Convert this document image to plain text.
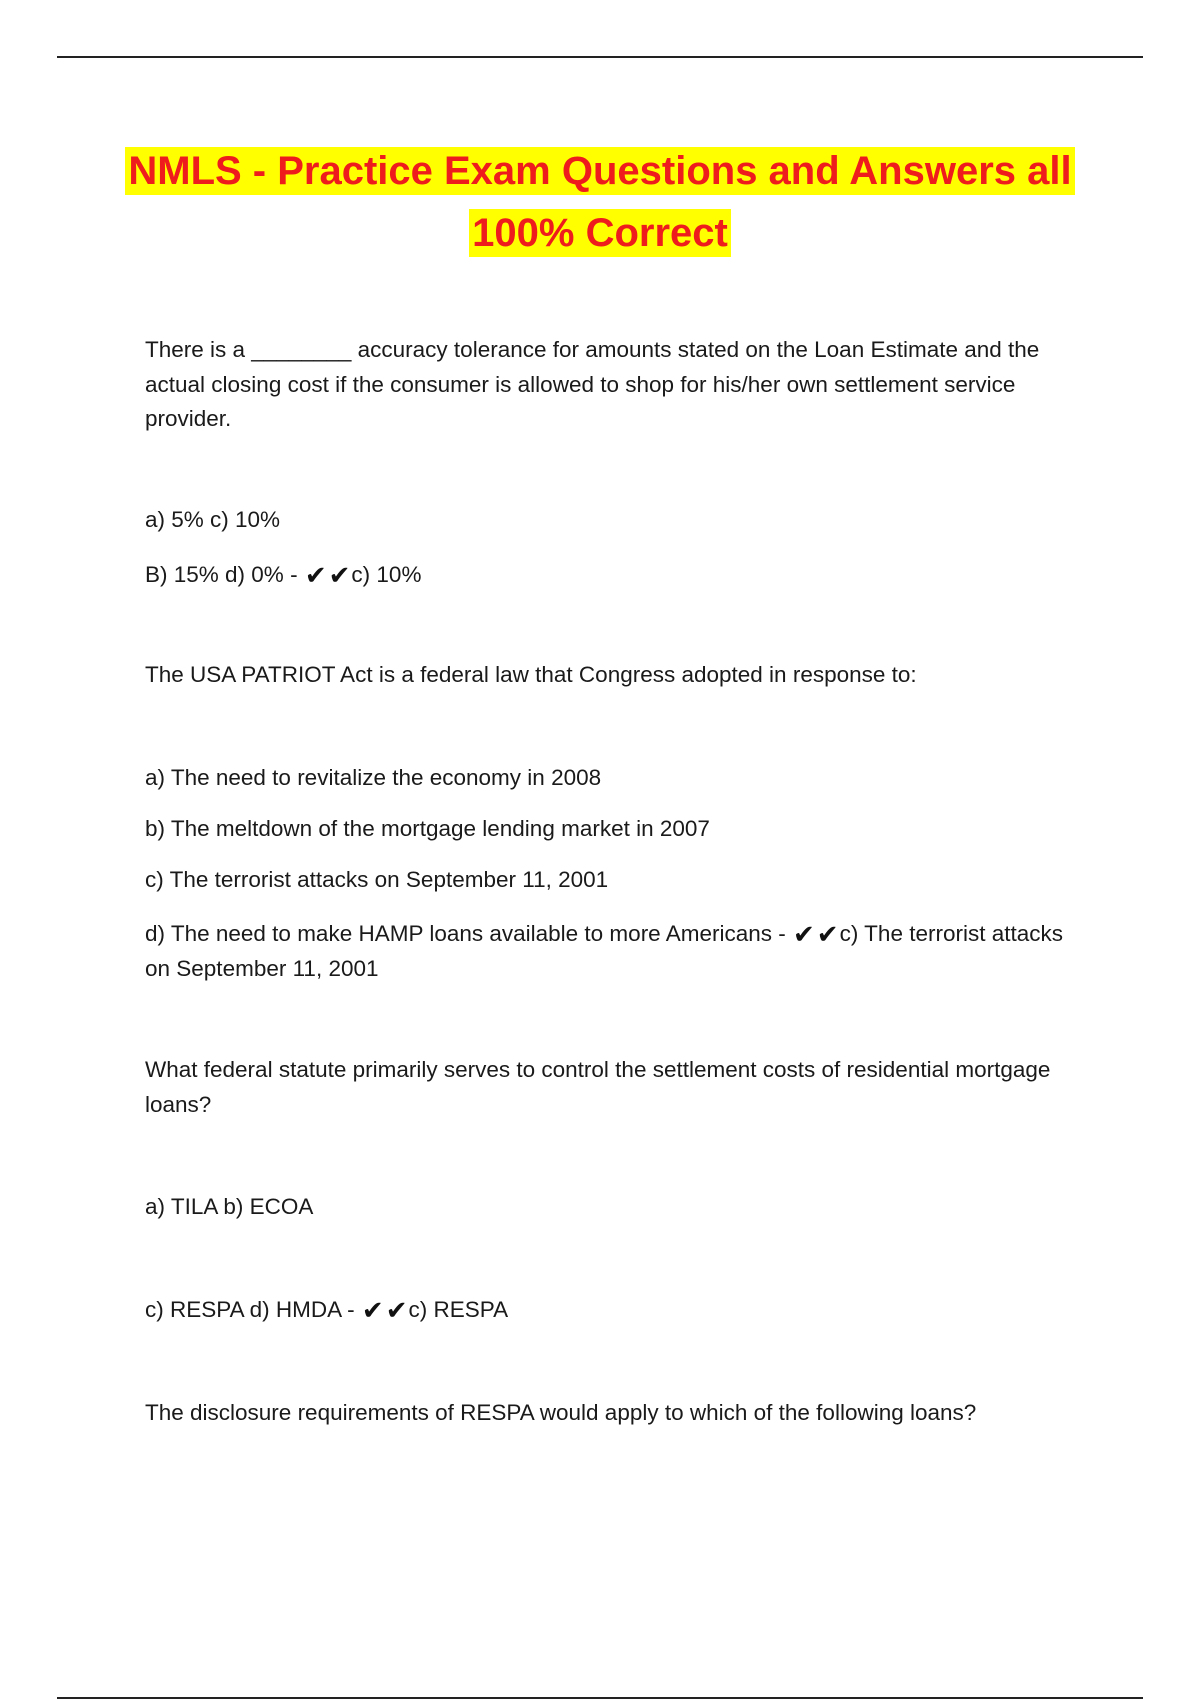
NMLS - Practice Exam Questions and Answers all
100% Correct

There is a ________ accuracy tolerance for amounts stated on the Loan Estimate and the actual closing cost if the consumer is allowed to shop for his/her own settlement service provider.

a) 5% c) 10%

B) 15% d) 0% - ✔✔c) 10%

The USA PATRIOT Act is a federal law that Congress adopted in response to:

a) The need to revitalize the economy in 2008

b) The meltdown of the mortgage lending market in 2007

c) The terrorist attacks on September 11, 2001

d) The need to make HAMP loans available to more Americans - ✔✔c) The terrorist attacks on September 11, 2001

What federal statute primarily serves to control the settlement costs of residential mortgage loans?

a) TILA b) ECOA

c) RESPA d) HMDA - ✔✔c) RESPA

The disclosure requirements of RESPA would apply to which of the following loans?
